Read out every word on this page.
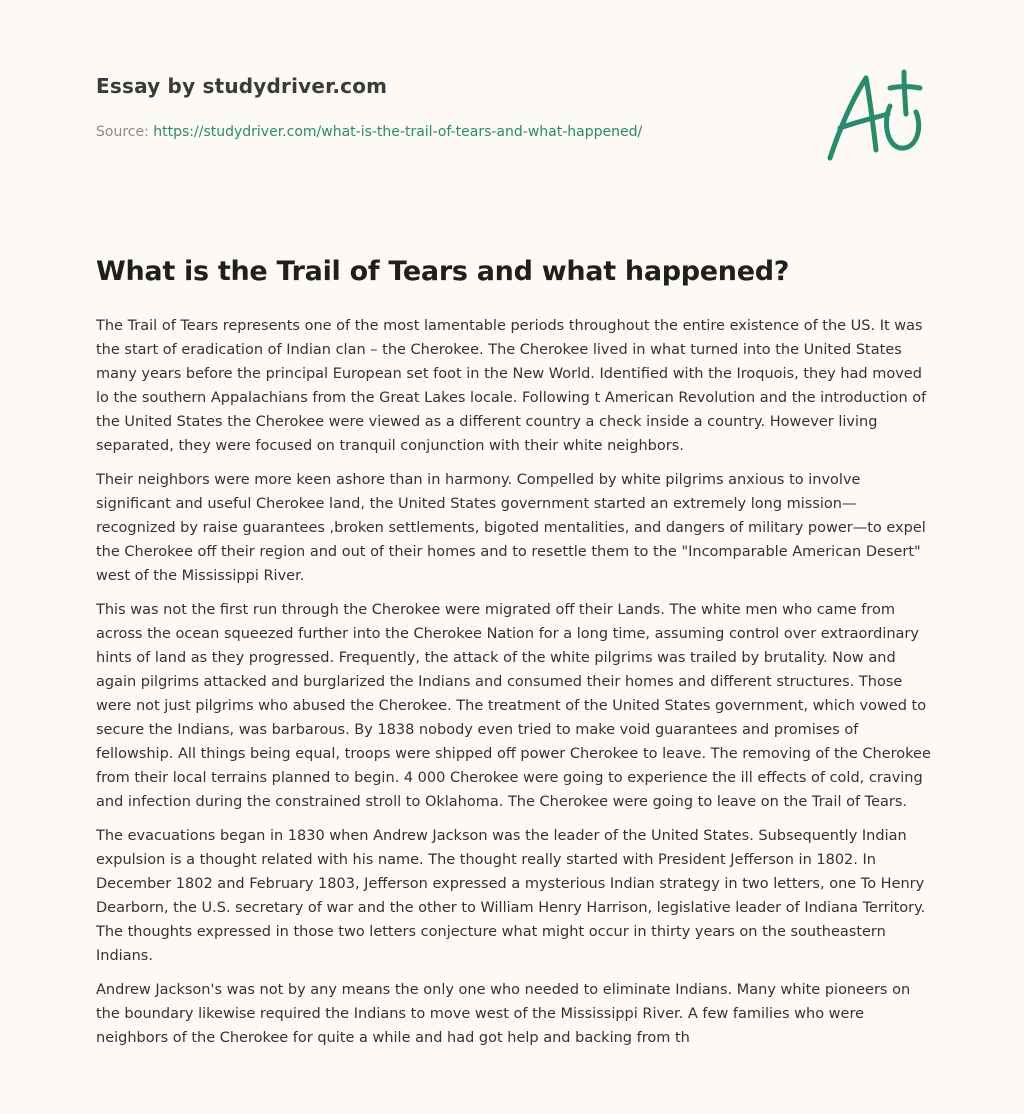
Essay by studydriver.com
Source: https://studydriver.com/what-is-the-trail-of-tears-and-what-happened/
What is the Trail of Tears and what happened?

The Trail of Tears represents one of the most lamentable periods throughout the entire existence of the US. It was the start of eradication of Indian clan – the Cherokee. The Cherokee lived in what turned into the United States many years before the principal European set foot in the New World. Identified with the Iroquois, they had moved lo the southern Appalachians from the Great Lakes locale. Following t American Revolution and the introduction of the United States the Cherokee were viewed as a different country a check inside a country. However living separated, they were focused on tranquil conjunction with their white neighbors.

Their neighbors were more keen ashore than in harmony. Compelled by white pilgrims anxious to involve significant and useful Cherokee land, the United States government started an extremely long mission—recognized by raise guarantees ,broken settlements, bigoted mentalities, and dangers of military power—to expel the Cherokee off their region and out of their homes and to resettle them to the "Incomparable American Desert" west of the Mississippi River.

This was not the first run through the Cherokee were migrated off their Lands. The white men who came from across the ocean squeezed further into the Cherokee Nation for a long time, assuming control over extraordinary hints of land as they progressed. Frequently, the attack of the white pilgrims was trailed by brutality. Now and again pilgrims attacked and burglarized the Indians and consumed their homes and different structures. Those were not just pilgrims who abused the Cherokee. The treatment of the United States government, which vowed to secure the Indians, was barbarous. By 1838 nobody even tried to make void guarantees and promises of fellowship. All things being equal, troops were shipped off power Cherokee to leave. The removing of the Cherokee from their local terrains planned to begin. 4 000 Cherokee were going to experience the ill effects of cold, craving and infection during the constrained stroll to Oklahoma. The Cherokee were going to leave on the Trail of Tears.

The evacuations began in 1830 when Andrew Jackson was the leader of the United States. Subsequently Indian expulsion is a thought related with his name. The thought really started with President Jefferson in 1802. In December 1802 and February 1803, Jefferson expressed a mysterious Indian strategy in two letters, one To Henry Dearborn, the U.S. secretary of war and the other to William Henry Harrison, legislative leader of Indiana Territory. The thoughts expressed in those two letters conjecture what might occur in thirty years on the southeastern Indians.

Andrew Jackson's was not by any means the only one who needed to eliminate Indians. Many white pioneers on the boundary likewise required the Indians to move west of the Mississippi River. A few families who were neighbors of the Cherokee for quite a while and had got help and backing from th
